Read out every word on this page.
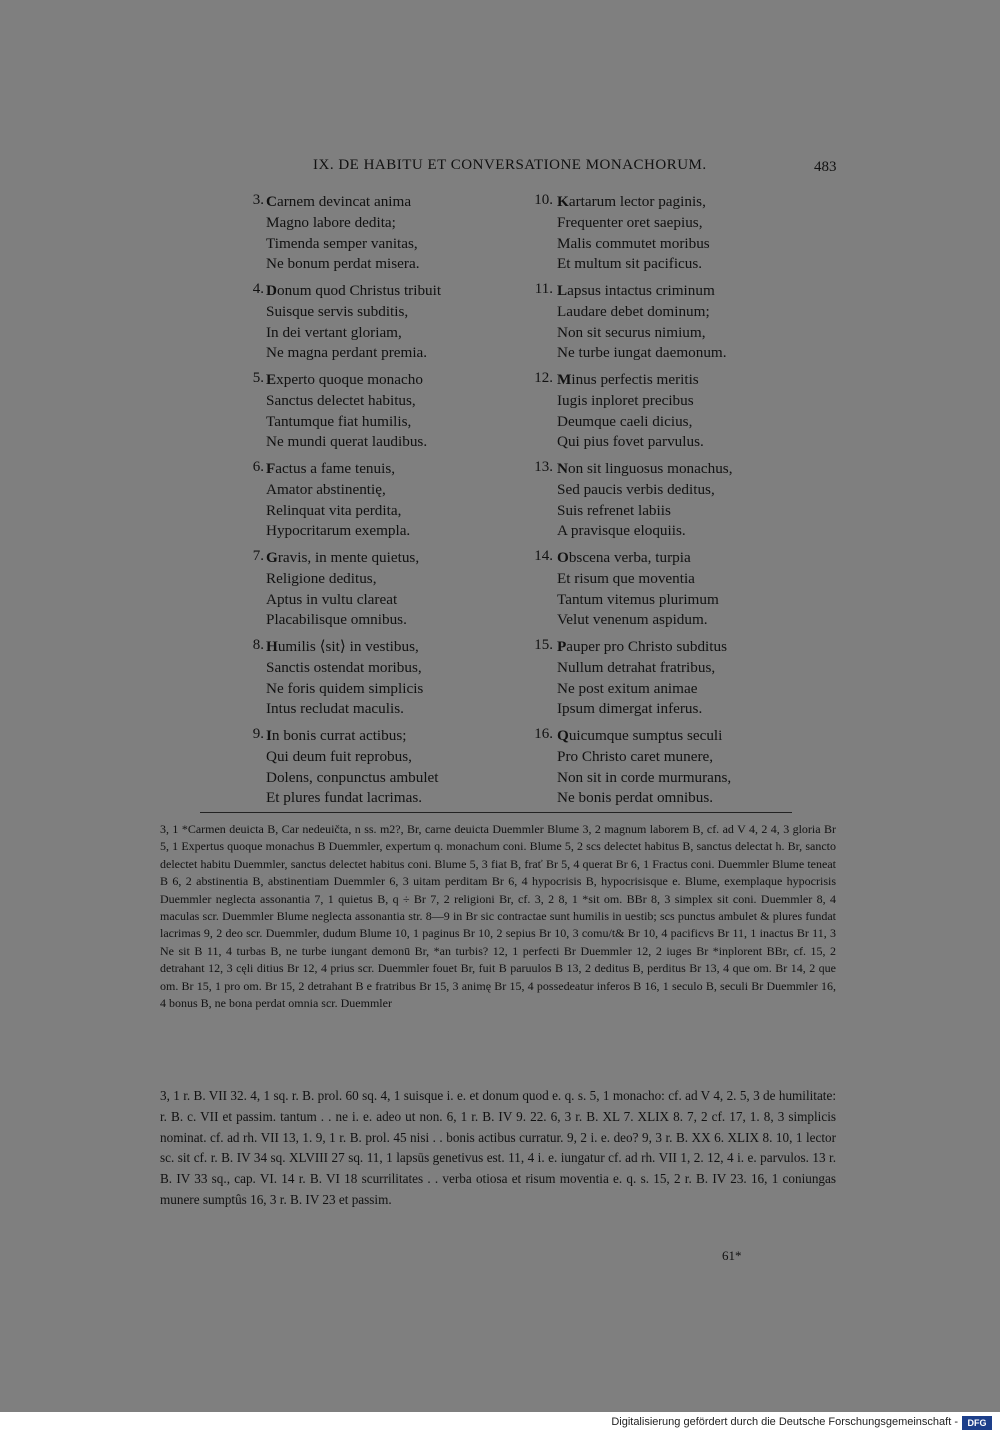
IX. DE HABITU ET CONVERSATIONE MONACHORUM.	483
3. Carnem devincat anima
Magno labore dedita;
Timenda semper vanitas,
Ne bonum perdat misera.
4. Donum quod Christus tribuit
Suisque servis subditis,
In dei vertant gloriam,
Ne magna perdant premia.
5. Experto quoque monacho
Sanctus delectet habitus,
Tantumque fiat humilis,
Ne mundi querat laudibus.
6. Factus a fame tenuis,
Amator abstinentię,
Relinquat vita perdita,
Hypocritarum exempla.
7. Gravis, in mente quietus,
Religione deditus,
Aptus in vultu clareat
Placabilisque omnibus.
8. Humilis ⟨sit⟩ in vestibus,
Sanctis ostendat moribus,
Ne foris quidem simplicis
Intus recludat maculis.
9. In bonis currat actibus;
Qui deum fuit reprobus,
Dolens, conpunctus ambulet
Et plures fundat lacrimas.
10. Kartarum lector paginis,
Frequenter oret saepius,
Malis commutet moribus
Et multum sit pacificus.
11. Lapsus intactus criminum
Laudare debet dominum;
Non sit securus nimium,
Ne turbe iungat daemonum.
12. Minus perfectis meritis
Iugis inploret precibus
Deumque caeli dicius,
Qui pius fovet parvulus.
13. Non sit linguosus monachus,
Sed paucis verbis deditus,
Suis refrenet labiis
A pravisque eloquiis.
14. Obscena verba, turpia
Et risum que moventia
Tantum vitemus plurimum
Velut venenum aspidum.
15. Pauper pro Christo subditus
Nullum detrahat fratribus,
Ne post exitum animae
Ipsum dimergat inferus.
16. Quicumque sumptus seculi
Pro Christo caret munere,
Non sit in corde murmurans,
Ne bonis perdat omnibus.

3, 1 *Carmen deuicta B, Car nedeuičta, n ss. m2?, Br, carne deuicta Duemmler Blume 3, 2 magnum laborem B, cf. ad V 4, 2 4, 3 gloria Br 5, 1 Expertus quoque monachus B Duemmler, expertum q. monachum coni. Blume 5, 2 scs delectet habitus B, sanctus delectat h. Br, sancto delectet habitu Duemmler, sanctus delectet habitus coni. Blume 5, 3 fiat B, frať Br 5, 4 querat Br 6, 1 Fractus coni. Duemmler Blume teneat B 6, 2 abstinentia B, abstinentiam Duemmler 6, 3 uitam perditam Br 6, 4 hypocrisis B, hypocrisisque e. Blume, exemplaque hypocrisis Duemmler neglecta assonantia 7, 1 quietus B, q ÷ Br 7, 2 religioni Br, cf. 3, 2 8, 1 *sit om. BBr 8, 3 simplex sit coni. Duemmler 8, 4 maculas scr. Duemmler Blume neglecta assonantia str. 8—9 in Br sic contractae sunt humilis in uestib; scs punctus ambulet & plures fundat lacrimas 9, 2 deo scr. Duemmler, dudum Blume 10, 1 paginus Br 10, 2 sepius Br 10, 3 comu/t& Br 10, 4 pacificvs Br 11, 1 inactus Br 11, 3 Ne sit B 11, 4 turbas B, ne turbe iungant demonū Br, *an turbis? 12, 1 perfecti Br Duemmler 12, 2 iuges Br *inplorent BBr, cf. 15, 2 detrahant 12, 3 cęli ditius Br 12, 4 prius scr. Duemmler fouet Br, fuit B paruulos B 13, 2 deditus B, perditus Br 13, 4 que om. Br 14, 2 que om. Br 15, 1 pro om. Br 15, 2 detrahant B e fratribus Br 15, 3 animę Br 15, 4 possedeatur inferos B 16, 1 seculo B, seculi Br Duemmler 16, 4 bonus B, ne bona perdat omnia scr. Duemmler

3, 1 r. B. VII 32. 4, 1 sq. r. B. prol. 60 sq. 4, 1 suisque i. e. et donum quod e. q. s. 5, 1 monacho: cf. ad V 4, 2. 5, 3 de humilitate: r. B. c. VII et passim. tantum . . ne i. e. adeo ut non. 6, 1 r. B. IV 9. 22. 6, 3 r. B. XL 7. XLIX 8. 7, 2 cf. 17, 1. 8, 3 simplicis nominat. cf. ad rh. VII 13, 1. 9, 1 r. B. prol. 45 nisi . . bonis actibus curratur. 9, 2 i. e. deo? 9, 3 r. B. XX 6. XLIX 8. 10, 1 lector sc. sit cf. r. B. IV 34 sq. XLVIII 27 sq. 11, 1 lapsūs genetivus est. 11, 4 i. e. iungatur cf. ad rh. VII 1, 2. 12, 4 i. e. parvulos. 13 r. B. IV 33 sq., cap. VI. 14 r. B. VI 18 scurrilitates . . verba otiosa et risum moventia e. q. s. 15, 2 r. B. IV 23. 16, 1 coniungas munere sumptûs 16, 3 r. B. IV 23 et passim.

61*
Digitalisierung gefördert durch die Deutsche Forschungsgemeinschaft -	DFG
